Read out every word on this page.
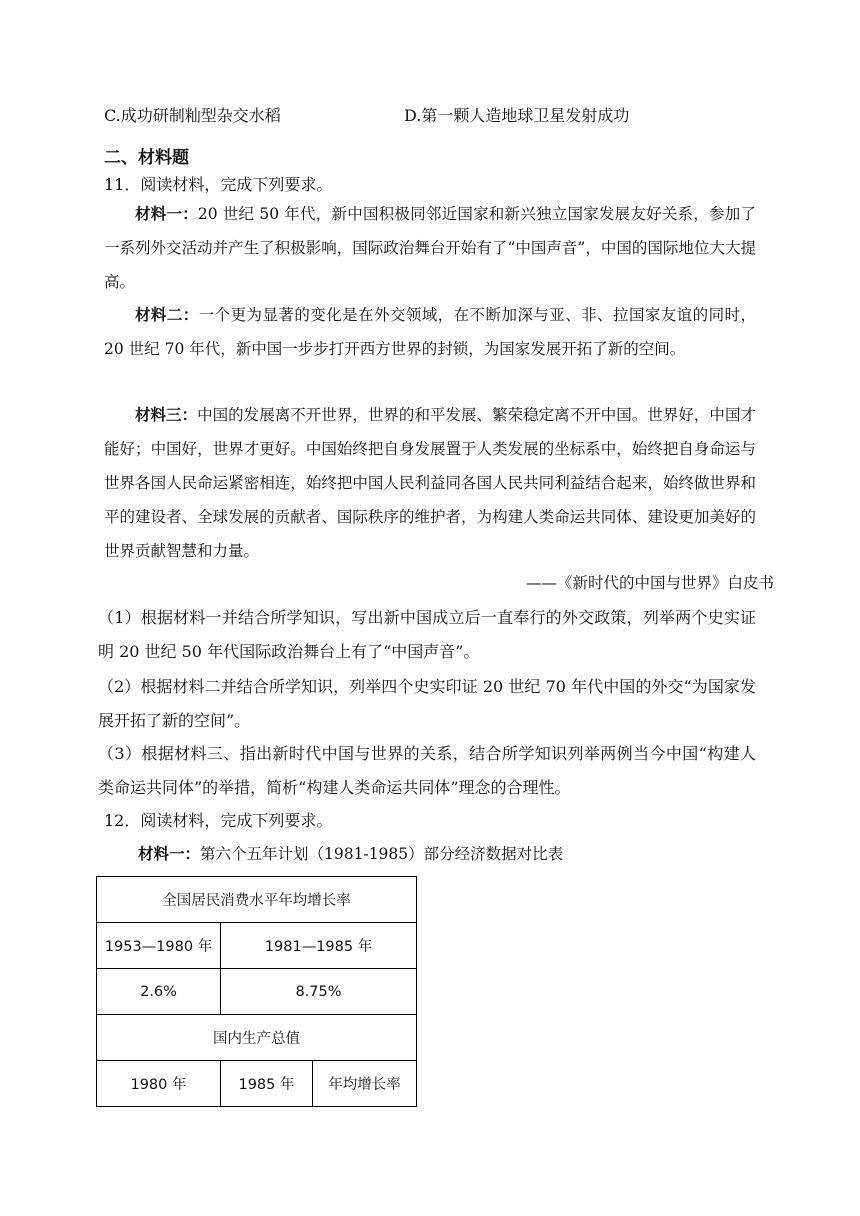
C.成功研制籼型杂交水稻	D.第一颗人造地球卫星发射成功
二、材料题
11．阅读材料，完成下列要求。

材料一：20 世纪 50 年代，新中国积极同邻近国家和新兴独立国家发展友好关系，参加了一系列外交活动并产生了积极影响，国际政治舞台开始有了“中国声音”，中国的国际地位大大提高。

材料二：一个更为显著的变化是在外交领域，在不断加深与亚、非、拉国家友谊的同时，20 世纪 70 年代，新中国一步步打开西方世界的封锁，为国家发展开拓了新的空间。

材料三：中国的发展离不开世界，世界的和平发展、繁荣稳定离不开中国。世界好，中国才能好；中国好，世界才更好。中国始终把自身发展置于人类发展的坐标系中，始终把自身命运与世界各国人民命运紧密相连，始终把中国人民利益同各国人民共同利益结合起来，始终做世界和平的建设者、全球发展的贡献者、国际秩序的维护者，为构建人类命运共同体、建设更加美好的世界贡献智慧和力量。

——《新时代的中国与世界》白皮书

（1）根据材料一并结合所学知识，写出新中国成立后一直奉行的外交政策，列举两个史实证明 20 世纪 50 年代国际政治舞台上有了“中国声音”。

（2）根据材料二并结合所学知识，列举四个史实印证 20 世纪 70 年代中国的外交“为国家发展开拓了新的空间”。

（3）根据材料三、指出新时代中国与世界的关系，结合所学知识列举两例当今中国“构建人类命运共同体”的举措，简析“构建人类命运共同体”理念的合理性。

12．阅读材料，完成下列要求。
材料一：第六个五年计划（1981-1985）部分经济数据对比表
全国居民消费水平年均增长率		
1953—1980 年	1981—1985 年	
2.6%	8.75%	
国内生产总值		
1980 年	1985 年	年均增长率
